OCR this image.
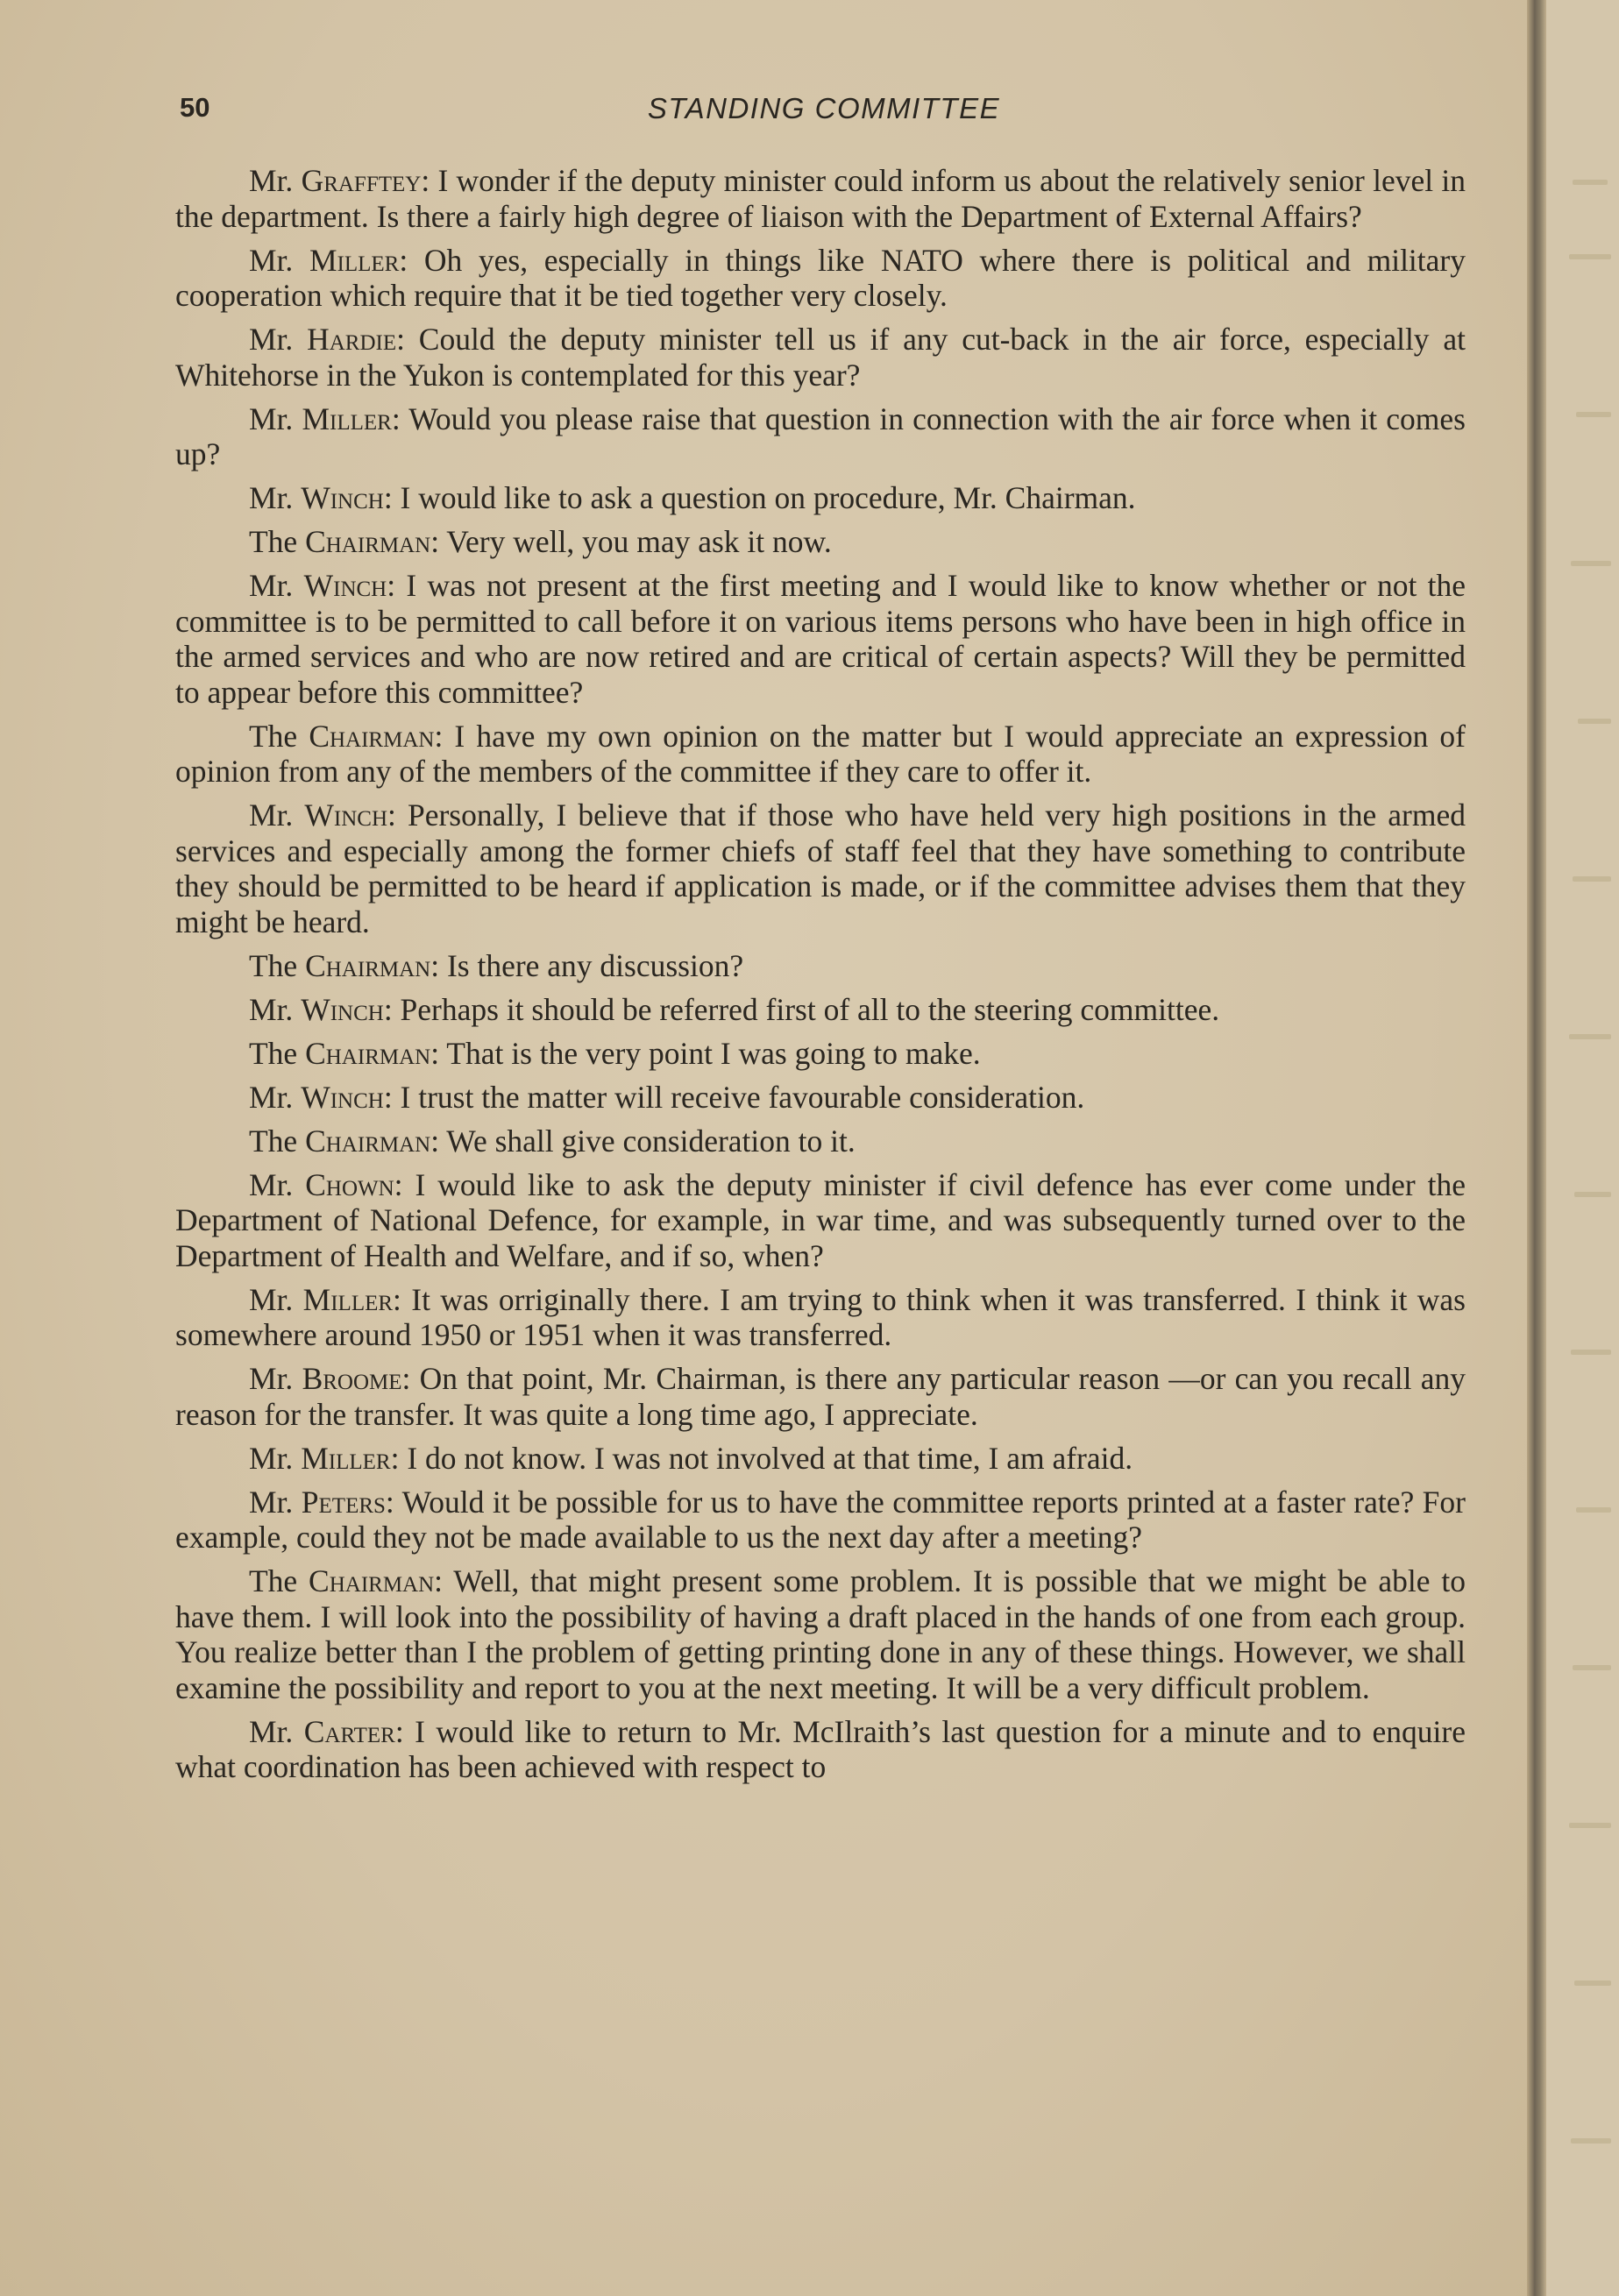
50	STANDING COMMITTEE

Mr. Grafftey: I wonder if the deputy minister could inform us about the relatively senior level in the department. Is there a fairly high degree of liaison with the Department of External Affairs?

Mr. Miller: Oh yes, especially in things like NATO where there is political and military cooperation which require that it be tied together very closely.

Mr. Hardie: Could the deputy minister tell us if any cut-back in the air force, especially at Whitehorse in the Yukon is contemplated for this year?

Mr. Miller: Would you please raise that question in connection with the air force when it comes up?

Mr. Winch: I would like to ask a question on procedure, Mr. Chairman.

The Chairman: Very well, you may ask it now.

Mr. Winch: I was not present at the first meeting and I would like to know whether or not the committee is to be permitted to call before it on various items persons who have been in high office in the armed services and who are now retired and are critical of certain aspects? Will they be permitted to appear before this committee?

The Chairman: I have my own opinion on the matter but I would appreciate an expression of opinion from any of the members of the committee if they care to offer it.

Mr. Winch: Personally, I believe that if those who have held very high positions in the armed services and especially among the former chiefs of staff feel that they have something to contribute they should be permitted to be heard if application is made, or if the committee advises them that they might be heard.

The Chairman: Is there any discussion?

Mr. Winch: Perhaps it should be referred first of all to the steering committee.

The Chairman: That is the very point I was going to make.

Mr. Winch: I trust the matter will receive favourable consideration.

The Chairman: We shall give consideration to it.

Mr. Chown: I would like to ask the deputy minister if civil defence has ever come under the Department of National Defence, for example, in war time, and was subsequently turned over to the Department of Health and Welfare, and if so, when?

Mr. Miller: It was orriginally there. I am trying to think when it was transferred. I think it was somewhere around 1950 or 1951 when it was transferred.

Mr. Broome: On that point, Mr. Chairman, is there any particular reason —or can you recall any reason for the transfer. It was quite a long time ago, I appreciate.

Mr. Miller: I do not know. I was not involved at that time, I am afraid.

Mr. Peters: Would it be possible for us to have the committee reports printed at a faster rate? For example, could they not be made available to us the next day after a meeting?

The Chairman: Well, that might present some problem. It is possible that we might be able to have them. I will look into the possibility of having a draft placed in the hands of one from each group. You realize better than I the problem of getting printing done in any of these things. However, we shall examine the possibility and report to you at the next meeting. It will be a very difficult problem.

Mr. Carter: I would like to return to Mr. McIlraith’s last question for a minute and to enquire what coordination has been achieved with respect to
